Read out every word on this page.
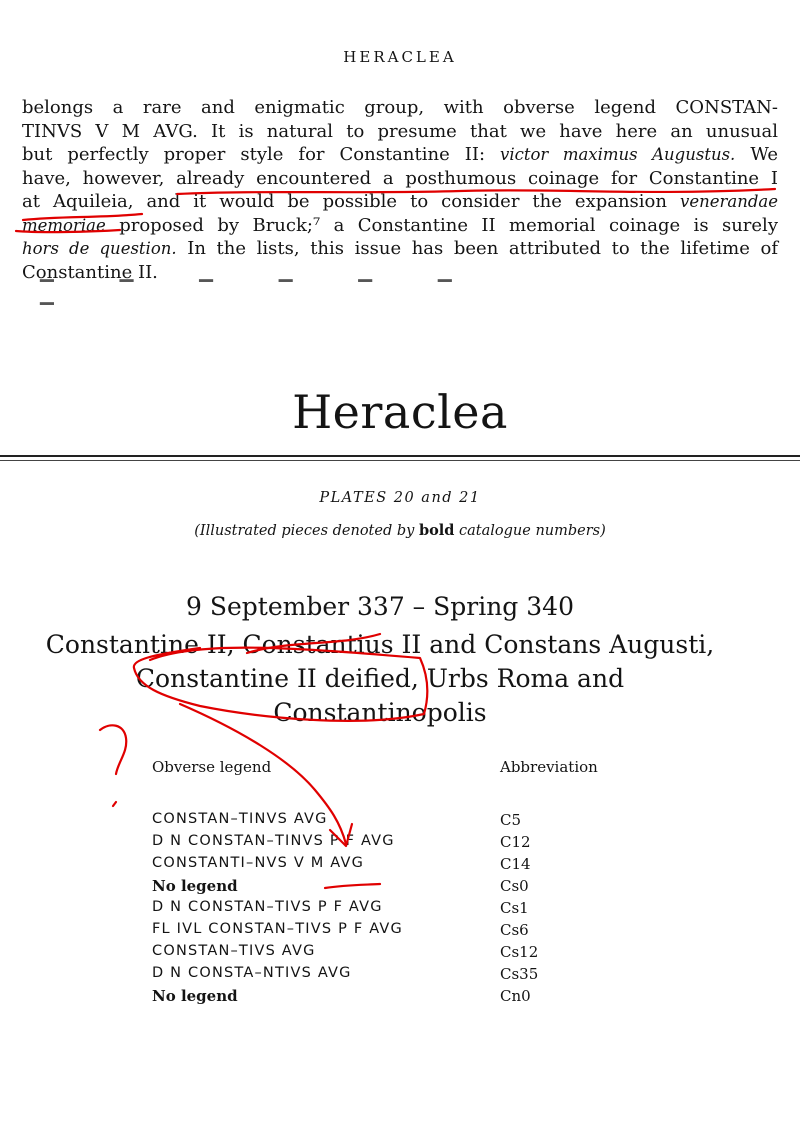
HERACLEA
belongs a rare and enigmatic group, with obverse legend CONSTAN-
TINVS V M AVG. It is natural to presume that we have here an unusual
but perfectly proper style for Constantine II: victor maximus Augustus. We
have, however, already encountered a posthumous coinage for Constantine I
at Aquileia, and it would be possible to consider the expansion venerandae
memoriae proposed by Bruck;⁷ a Constantine II memorial coinage is surely
hors de question. In the lists, this issue has been attributed to the lifetime of
Constantine II.
▔ ▔ ▔ ▔ ▔ ▔ ▔
Heraclea
PLATES 20 and 21
(Illustrated pieces denoted by bold catalogue numbers)
9 September 337 – Spring 340
Constantine II, Constantius II and Constans Augusti,
Constantine II deified, Urbs Roma and
Constantinopolis
Obverse legend	Abbreviation
CONSTAN–TINVS AVG	C5
D N CONSTAN–TINVS P F AVG	C12
CONSTANTI–NVS V M AVG	C14
No legend	Cs0
D N CONSTAN–TIVS P F AVG	Cs1
FL IVL CONSTAN–TIVS P F AVG	Cs6
CONSTAN–TIVS AVG	Cs12
D N CONSTA–NTIVS AVG	Cs35
No legend	Cn0
